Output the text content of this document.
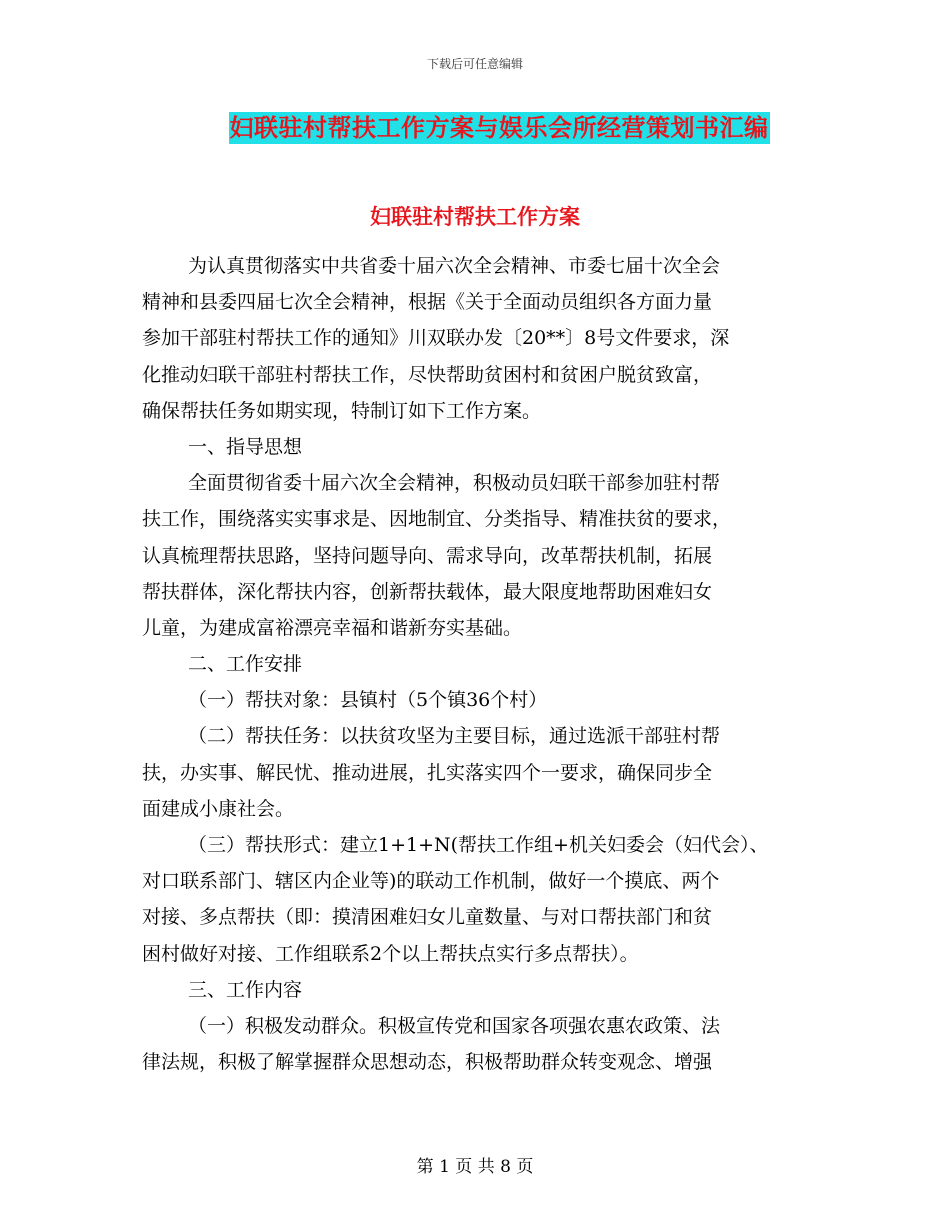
下载后可任意编辑
妇联驻村帮扶工作方案与娱乐会所经营策划书汇编
妇联驻村帮扶工作方案
为认真贯彻落实中共省委十届六次全会精神、市委七届十次全会
精神和县委四届七次全会精神，根据《关于全面动员组织各方面力量
参加干部驻村帮扶工作的通知》川双联办发〔20**〕8号文件要求，深
化推动妇联干部驻村帮扶工作，尽快帮助贫困村和贫困户脱贫致富，
确保帮扶任务如期实现，特制订如下工作方案。
一、指导思想
全面贯彻省委十届六次全会精神，积极动员妇联干部参加驻村帮
扶工作，围绕落实实事求是、因地制宜、分类指导、精准扶贫的要求，
认真梳理帮扶思路，坚持问题导向、需求导向，改革帮扶机制，拓展
帮扶群体，深化帮扶内容，创新帮扶载体，最大限度地帮助困难妇女
儿童，为建成富裕漂亮幸福和谐新夯实基础。
二、工作安排
（一）帮扶对象：县镇村（5个镇36个村）
（二）帮扶任务：以扶贫攻坚为主要目标，通过选派干部驻村帮
扶，办实事、解民忧、推动进展，扎实落实四个一要求，确保同步全
面建成小康社会。
（三）帮扶形式：建立1+1+N(帮扶工作组+机关妇委会（妇代会）、
对口联系部门、辖区内企业等)的联动工作机制，做好一个摸底、两个
对接、多点帮扶（即：摸清困难妇女儿童数量、与对口帮扶部门和贫
困村做好对接、工作组联系2个以上帮扶点实行多点帮扶）。
三、工作内容
（一）积极发动群众。积极宣传党和国家各项强农惠农政策、法
律法规，积极了解掌握群众思想动态，积极帮助群众转变观念、增强
第 1 页 共 8 页
